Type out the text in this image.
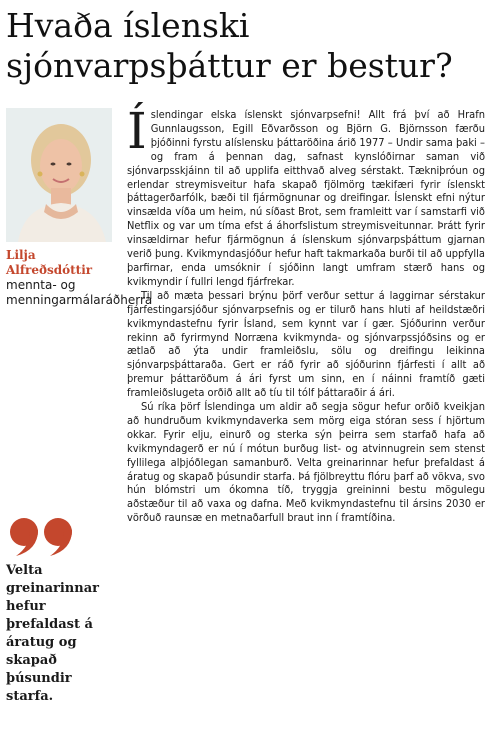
Hvaða íslenski sjónvarpsþáttur er bestur?
Lilja Alfreðsdóttir
mennta- og menningarmálaráðherra

Velta greinarinnar hefur þrefaldast á áratug og skapað þúsundir starfa.

Íslendingar elska íslenskt sjónvarpsefni! Allt frá því að Hrafn Gunnlaugsson, Egill Eðvarðsson og Björn G. Björnsson færðu þjóðinni fyrstu alíslensku þáttaröðina árið 1977 – Undir sama þaki – og fram á þennan dag, safnast kynslóðirnar saman við sjónvarpsskjáinn til að upplifa eitthvað alveg sérstakt. Tækniþróun og erlendar streymisveitur hafa skapað fjölmörg tækifæri fyrir íslenskt þáttagerðarfólk, bæði til fjármögnunar og dreifingar. Íslenskt efni nýtur vinsælda víða um heim, nú síðast Brot, sem framleitt var í samstarfi við Netflix og var um tíma efst á áhorfslistum streymisveitunnar. Þrátt fyrir vinsældirnar hefur fjármögnun á íslenskum sjónvarpsþáttum gjarnan verið þung. Kvikmyndasjóður hefur haft takmarkaða burði til að uppfylla þarfirnar, enda umsóknir í sjóðinn langt umfram stærð hans og kvikmyndir í fullri lengd fjárfrekar.

Til að mæta þessari brýnu þörf verður settur á laggirnar sérstakur fjárfestingarsjóður sjónvarpsefnis og er tilurð hans hluti af heildstæðri kvikmyndastefnu fyrir Ísland, sem kynnt var í gær. Sjóðurinn verður rekinn að fyrirmynd Norræna kvikmynda- og sjónvarpssjóðsins og er ætlað að ýta undir framleiðslu, sölu og dreifingu leikinna sjónvarpsþáttaraða. Gert er ráð fyrir að sjóðurinn fjárfesti í allt að þremur þáttaröðum á ári fyrst um sinn, en í náinni framtíð gæti framleiðslugeta orðið allt að tíu til tólf þáttaraðir á ári.

Sú ríka þörf Íslendinga um aldir að segja sögur hefur orðið kveikjan að hundruðum kvikmyndaverka sem mörg eiga stóran sess í hjörtum okkar. Fyrir elju, einurð og sterka sýn þeirra sem starfað hafa að kvikmyndagerð er nú í mótun burðug list- og atvinnugrein sem stenst fyllilega alþjóðlegan samanburð. Velta greinarinnar hefur þrefaldast á áratug og skapað þúsundir starfa. Þá fjölbreyttu flóru þarf að vökva, svo hún blómstri um ókomna tíð, tryggja greininni bestu mögulegu aðstæður til að vaxa og dafna. Með kvikmyndastefnu til ársins 2030 er vörðuð raunsæ en metnaðarfull braut inn í framtíðina.
